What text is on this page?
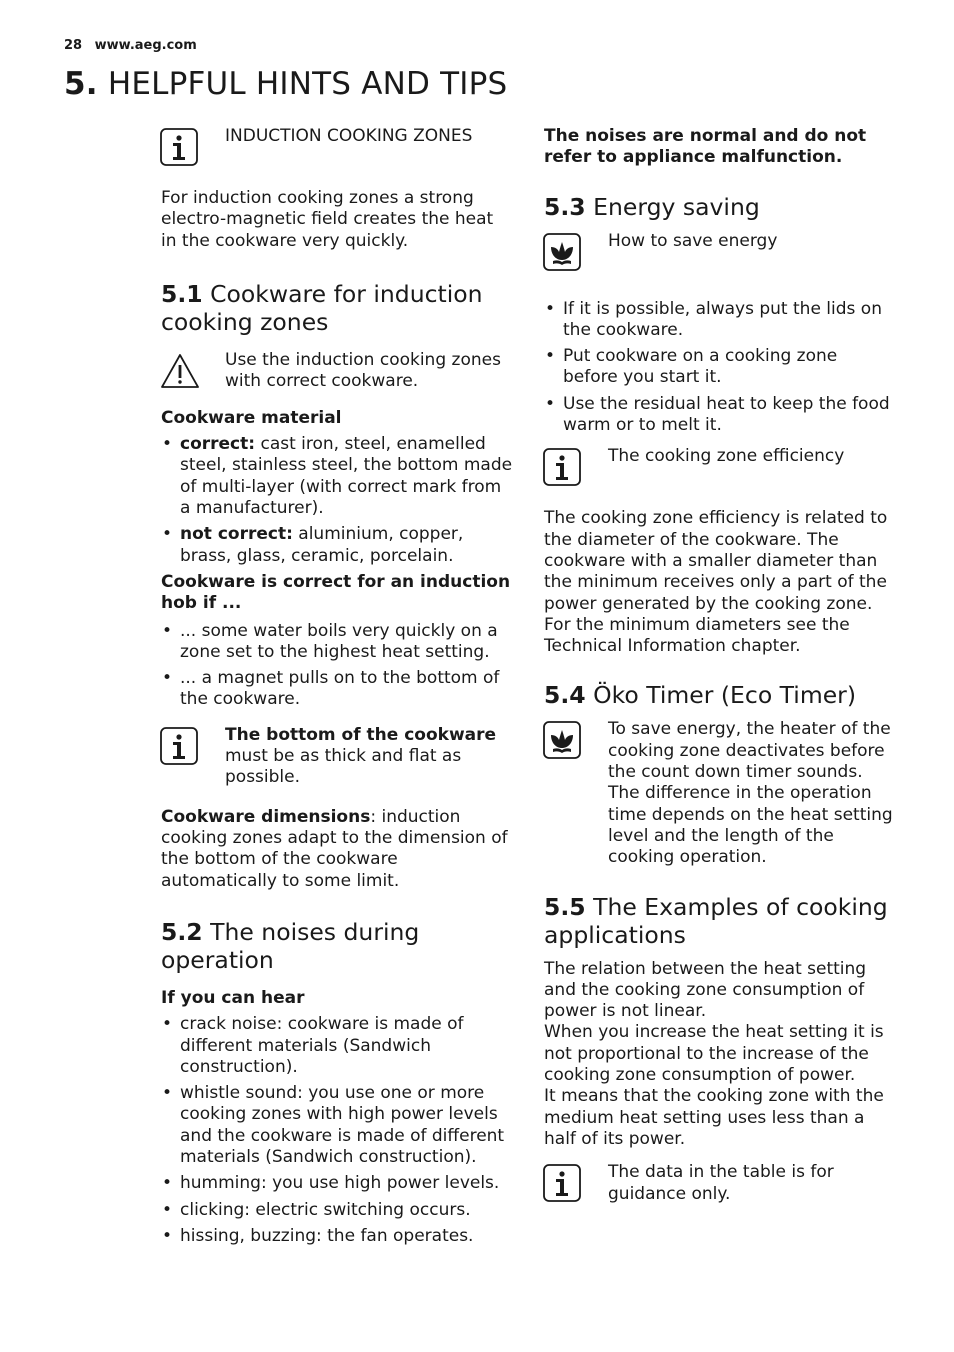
28 www.aeg.com
5. HELPFUL HINTS AND TIPS

INDUCTION COOKING ZONES

For induction cooking zones a strong electro-magnetic field creates the heat in the cookware very quickly.

5.1 Cookware for induction cooking zones

Use the induction cooking zones with correct cookware.

Cookware material

• correct: cast iron, steel, enamelled steel, stainless steel, the bottom made of multi-layer (with correct mark from a manufacturer).
• not correct: aluminium, copper, brass, glass, ceramic, porcelain.

Cookware is correct for an induction hob if ...

• ... some water boils very quickly on a zone set to the highest heat setting.
• ... a magnet pulls on to the bottom of the cookware.

The bottom of the cookware must be as thick and flat as possible.

Cookware dimensions: induction cooking zones adapt to the dimension of the bottom of the cookware automatically to some limit.

5.2 The noises during operation

If you can hear

• crack noise: cookware is made of different materials (Sandwich construction).
• whistle sound: you use one or more cooking zones with high power levels and the cookware is made of different materials (Sandwich construction).
• humming: you use high power levels.
• clicking: electric switching occurs.
• hissing, buzzing: the fan operates.

The noises are normal and do not refer to appliance malfunction.

5.3 Energy saving

How to save energy

• If it is possible, always put the lids on the cookware.
• Put cookware on a cooking zone before you start it.
• Use the residual heat to keep the food warm or to melt it.

The cooking zone efficiency

The cooking zone efficiency is related to the diameter of the cookware. The cookware with a smaller diameter than the minimum receives only a part of the power generated by the cooking zone. For the minimum diameters see the Technical Information chapter.

5.4 Öko Timer (Eco Timer)

To save energy, the heater of the cooking zone deactivates before the count down timer sounds. The difference in the operation time depends on the heat setting level and the length of the cooking operation.

5.5 The Examples of cooking applications

The relation between the heat setting and the cooking zone consumption of power is not linear.

When you increase the heat setting it is not proportional to the increase of the cooking zone consumption of power.

It means that the cooking zone with the medium heat setting uses less than a half of its power.

The data in the table is for guidance only.
